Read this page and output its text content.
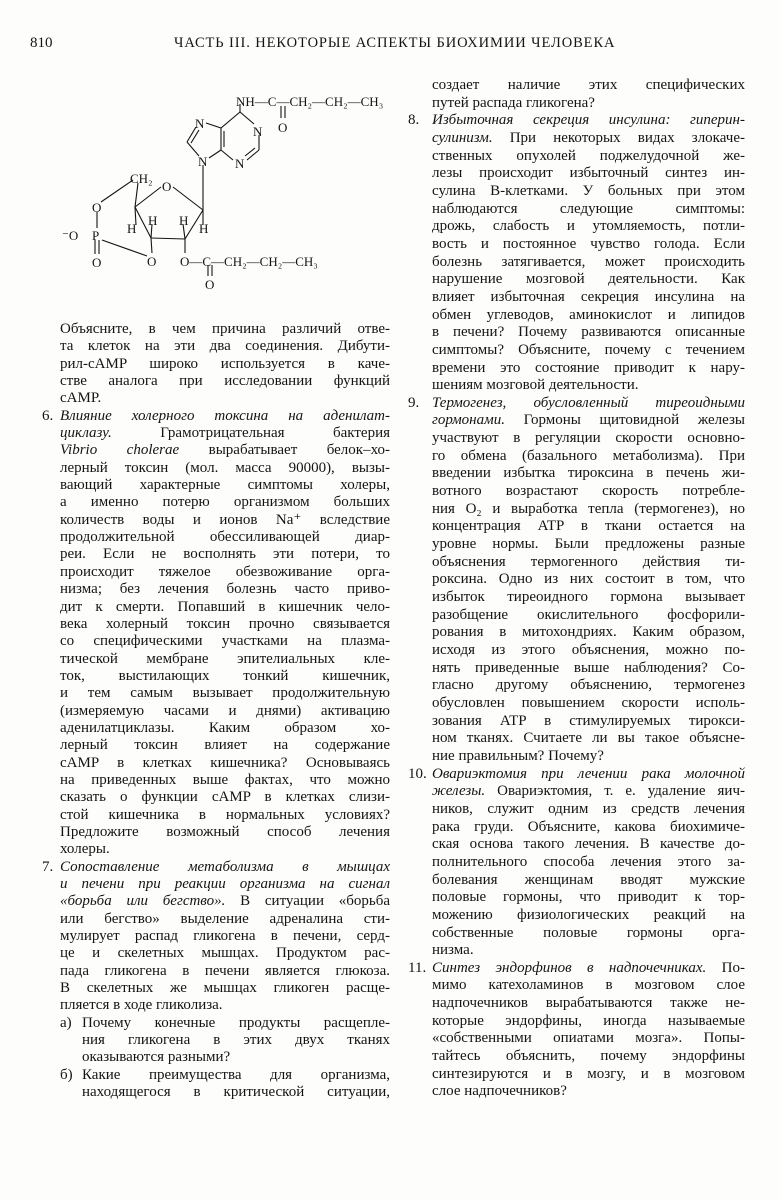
810	ЧАСТЬ III. НЕКОТОРЫЕ АСПЕКТЫ БИОХИМИИ ЧЕЛОВЕКА
NH—C—CH₂—CH₂—CH₃
O
N
N
N
N
CH₂
O
H
H H
H
O
P
⁻O
O	O O—C—CH₂—CH₂—CH₃
O
Объясните, в чем причина различий отве-
та клеток на эти два соединения. Дибути-
рил-cAMP широко используется в каче-
стве аналога при исследовании функций
cAMP.
6. Влияние холерного токсина на аденилат-
циклазу. Грамотрицательная бактерия
Vibrio cholerae вырабатывает белок–хо-
лерный токсин (мол. масса 90000), вызы-
вающий характерные симптомы холеры,
а именно потерю организмом больших
количеств воды и ионов Na⁺ вследствие
продолжительной обессиливающей диар-
реи. Если не восполнять эти потери, то
происходит тяжелое обезвоживание орга-
низма; без лечения болезнь часто приво-
дит к смерти. Попавший в кишечник чело-
века холерный токсин прочно связывается
со специфическими участками на плазма-
тической мембране эпителиальных кле-
ток, выстилающих тонкий кишечник,
и тем самым вызывает продолжительную
(измеряемую часами и днями) активацию
аденилатциклазы. Каким образом хо-
лерный токсин влияет на содержание
cAMP в клетках кишечника? Основываясь
на приведенных выше фактах, что можно
сказать о функции cAMP в клетках слизи-
стой кишечника в нормальных условиях?
Предложите возможный способ лечения
холеры.
7. Сопоставление метаболизма в мышцах
и печени при реакции организма на сигнал
«борьба или бегство». В ситуации «борьба
или бегство» выделение адреналина сти-
мулирует распад гликогена в печени, серд-
це и скелетных мышцах. Продуктом рас-
пада гликогена в печени является глюкоза.
В скелетных же мышцах гликоген расще-
пляется в ходе гликолиза.
а) Почему конечные продукты расщепле-
ния гликогена в этих двух тканях
оказываются разными?
б) Какие преимущества для организма,
находящегося в критической ситуации,
создает наличие этих специфических
путей распада гликогена?
8. Избыточная секреция инсулина: гиперин-
сулинизм. При некоторых видах злокаче-
ственных опухолей поджелудочной же-
лезы происходит избыточный синтез ин-
сулина B-клетками. У больных при этом
наблюдаются следующие симптомы:
дрожь, слабость и утомляемость, потли-
вость и постоянное чувство голода. Если
болезнь затягивается, может происходить
нарушение мозговой деятельности. Как
влияет избыточная секреция инсулина на
обмен углеводов, аминокислот и липидов
в печени? Почему развиваются описанные
симптомы? Объясните, почему с течением
времени это состояние приводит к нару-
шениям мозговой деятельности.
9. Термогенез, обусловленный тиреоидными
гормонами. Гормоны щитовидной железы
участвуют в регуляции скорости основно-
го обмена (базального метаболизма). При
введении избытка тироксина в печень жи-
вотного возрастают скорость потребле-
ния O₂ и выработка тепла (термогенез), но
концентрация ATP в ткани остается на
уровне нормы. Были предложены разные
объяснения термогенного действия ти-
роксина. Одно из них состоит в том, что
избыток тиреоидного гормона вызывает
разобщение окислительного фосфорили-
рования в митохондриях. Каким образом,
исходя из этого объяснения, можно по-
нять приведенные выше наблюдения? Со-
гласно другому объяснению, термогенез
обусловлен повышением скорости исполь-
зования ATP в стимулируемых тирокси-
ном тканях. Считаете ли вы такое объясне-
ние правильным? Почему?
10. Овариэктомия при лечении рака молочной
железы. Овариэктомия, т. е. удаление яич-
ников, служит одним из средств лечения
рака груди. Объясните, какова биохимиче-
ская основа такого лечения. В качестве до-
полнительного способа лечения этого за-
болевания женщинам вводят мужские
половые гормоны, что приводит к тор-
можению физиологических реакций на
собственные половые гормоны орга-
низма.
11. Синтез эндорфинов в надпочечниках. По-
мимо катехоламинов в мозговом слое
надпочечников вырабатываются также не-
которые эндорфины, иногда называемые
«собственными опиатами мозга». Попы-
тайтесь объяснить, почему эндорфины
синтезируются и в мозгу, и в мозговом
слое надпочечников?
